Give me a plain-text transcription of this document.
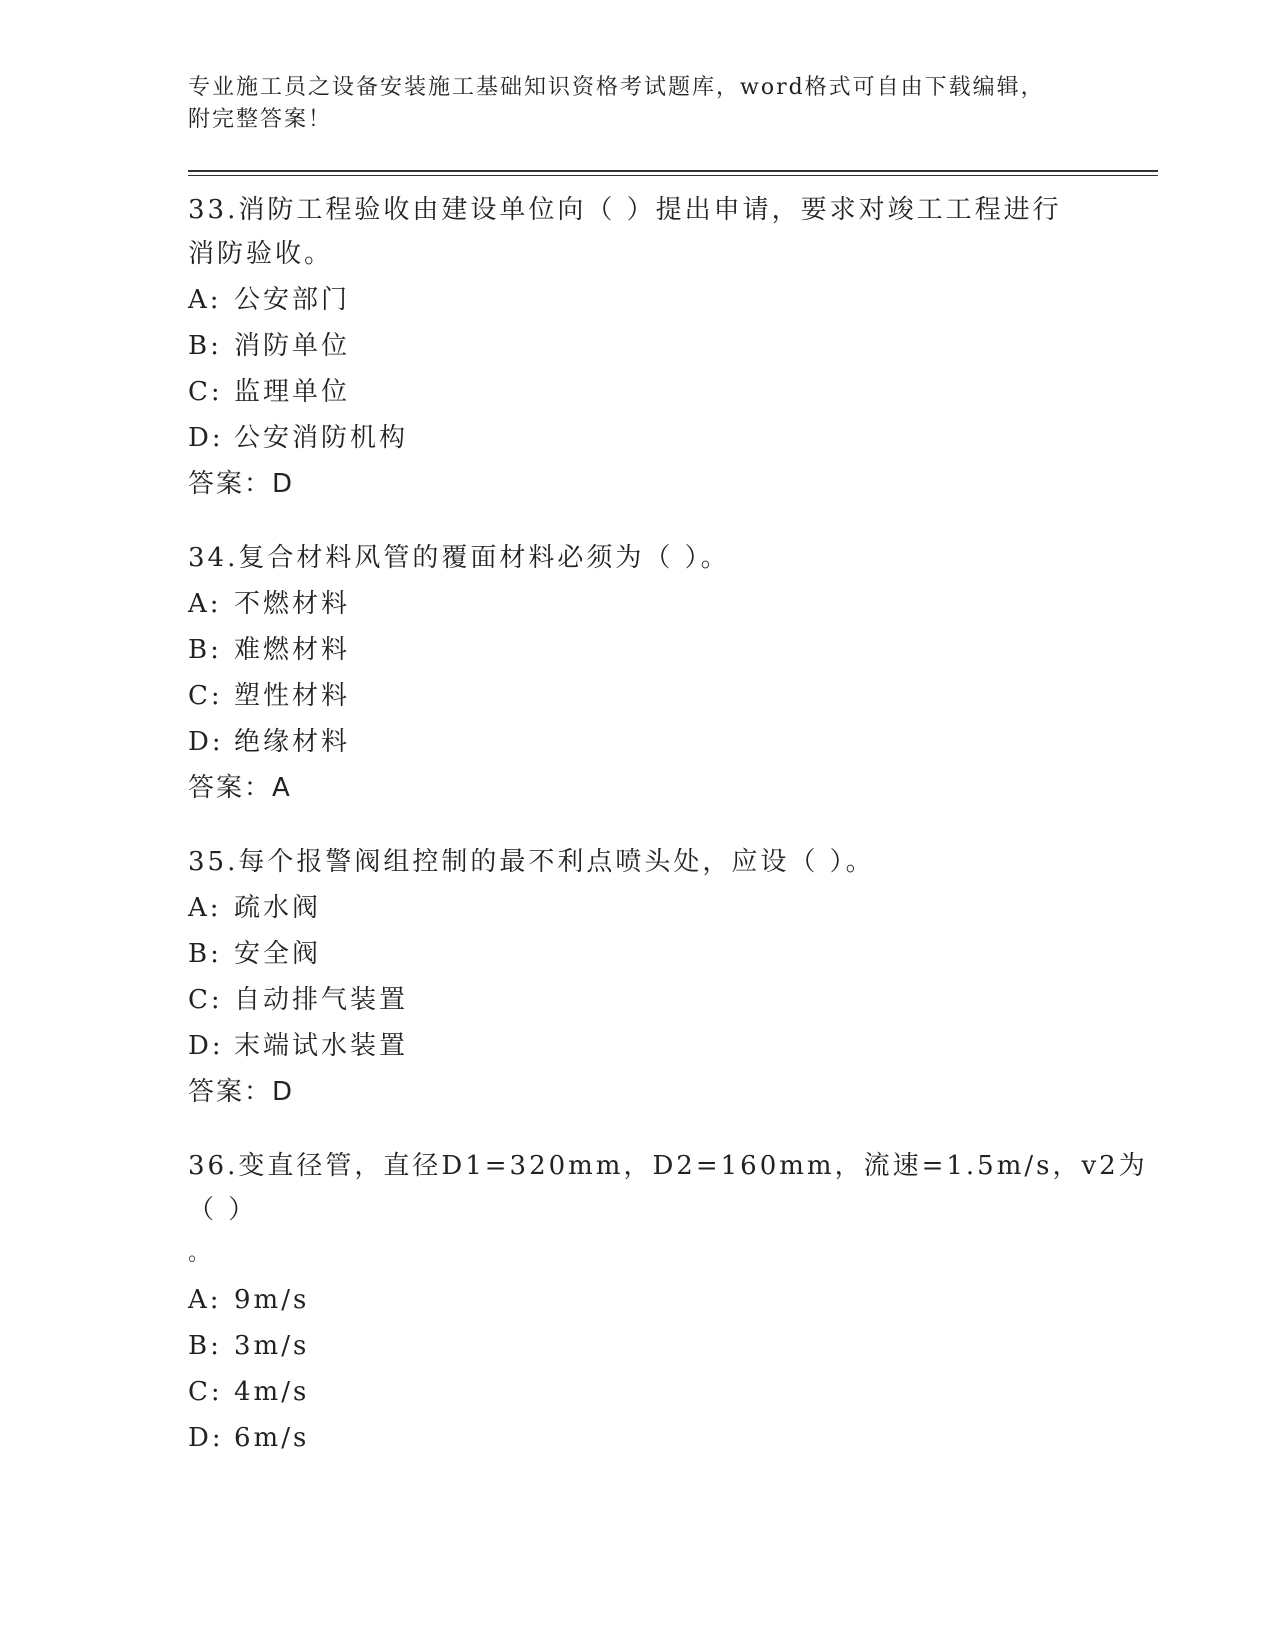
专业施工员之设备安装施工基础知识资格考试题库，word格式可自由下载编辑，

附完整答案！

33.消防工程验收由建设单位向（ ）提出申请，要求对竣工工程进行

消防验收。

A: 公安部门

B: 消防单位

C: 监理单位

D: 公安消防机构

答案：D

34.复合材料风管的覆面材料必须为（ ）。

A: 不燃材料

B: 难燃材料

C: 塑性材料

D: 绝缘材料

答案：A

35.每个报警阀组控制的最不利点喷头处，应设（ ）。

A: 疏水阀

B: 安全阀

C: 自动排气装置

D: 末端试水装置

答案：D

36.变直径管，直径D1=320mm，D2=160mm，流速=1.5m/s，v2为（ ）

。

A: 9m/s

B: 3m/s

C: 4m/s

D: 6m/s
